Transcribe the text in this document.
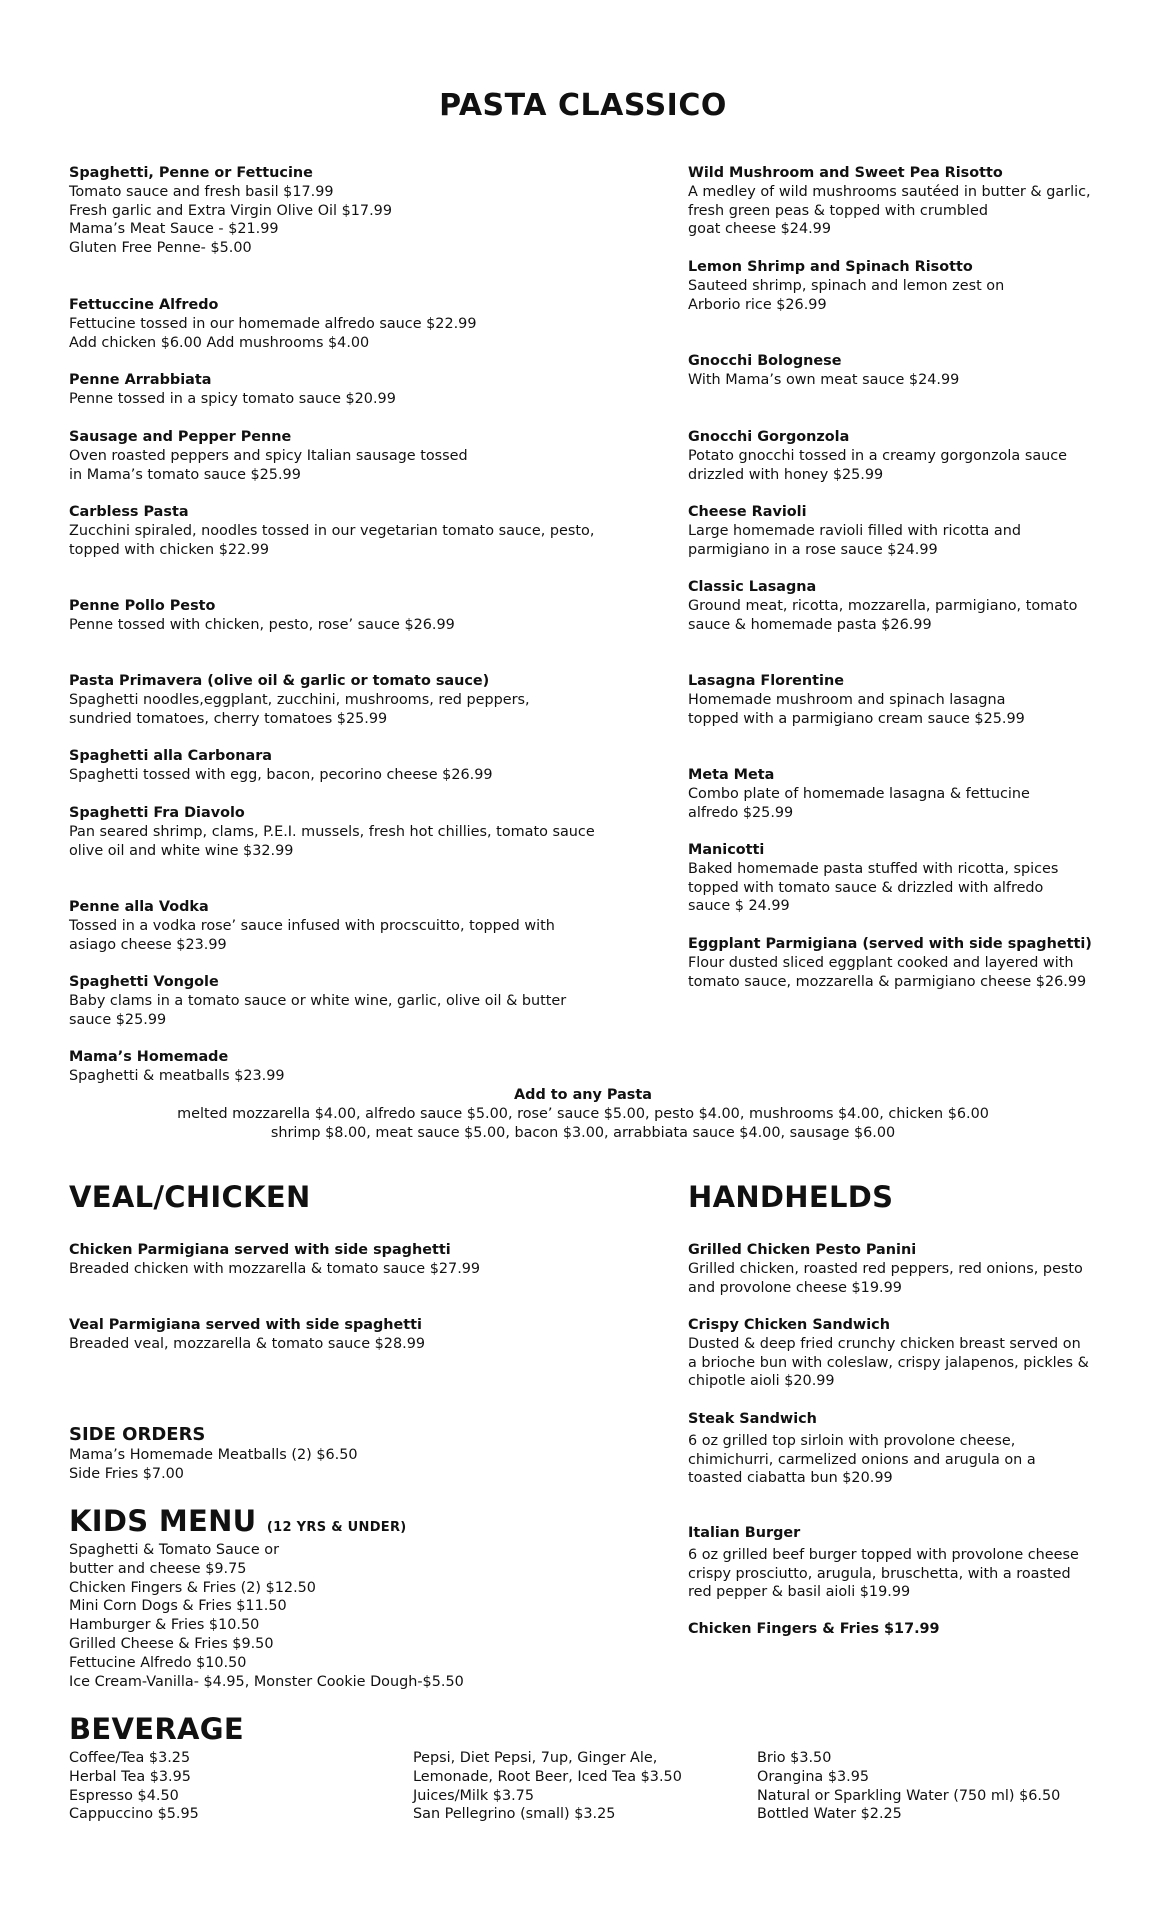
PASTA CLASSICO
Spaghetti, Penne or Fettucine
Tomato sauce and fresh basil $17.99
Fresh garlic and Extra Virgin Olive Oil $17.99
Mama’s Meat Sauce - $21.99
Gluten Free Penne- $5.00
Fettuccine Alfredo
Fettucine tossed in our homemade alfredo sauce $22.99
Add chicken $6.00 Add mushrooms $4.00
Penne Arrabbiata
Penne tossed in a spicy tomato sauce $20.99
Sausage and Pepper Penne
Oven roasted peppers and spicy Italian sausage tossed
in Mama’s tomato sauce $25.99
Carbless Pasta
Zucchini spiraled, noodles tossed in our vegetarian tomato sauce, pesto,
topped with chicken $22.99
Penne Pollo Pesto
Penne tossed with chicken, pesto, rose’ sauce $26.99
Pasta Primavera (olive oil & garlic or tomato sauce)
Spaghetti noodles,eggplant, zucchini, mushrooms, red peppers,
sundried tomatoes, cherry tomatoes $25.99
Spaghetti alla Carbonara
Spaghetti tossed with egg, bacon, pecorino cheese $26.99
Spaghetti Fra Diavolo
Pan seared shrimp, clams, P.E.I. mussels, fresh hot chillies, tomato sauce
olive oil and white wine $32.99
Penne alla Vodka
Tossed in a vodka rose’ sauce infused with procscuitto, topped with
asiago cheese $23.99
Spaghetti Vongole
Baby clams in a tomato sauce or white wine, garlic, olive oil & butter
sauce $25.99
Mama’s Homemade
Spaghetti & meatballs $23.99
Wild Mushroom and Sweet Pea Risotto
A medley of wild mushrooms sautéed in butter & garlic,
fresh green peas & topped with crumbled
goat cheese $24.99
Lemon Shrimp and Spinach Risotto
Sauteed shrimp, spinach and lemon zest on
Arborio rice $26.99
Gnocchi Bolognese
With Mama’s own meat sauce $24.99
Gnocchi Gorgonzola
Potato gnocchi tossed in a creamy gorgonzola sauce
drizzled with honey $25.99
Cheese Ravioli
Large homemade ravioli filled with ricotta and
parmigiano in a rose sauce $24.99
Classic Lasagna
Ground meat, ricotta, mozzarella, parmigiano, tomato
sauce & homemade pasta $26.99
Lasagna Florentine
Homemade mushroom and spinach lasagna
topped with a parmigiano cream sauce $25.99
Meta Meta
Combo plate of homemade lasagna & fettucine
alfredo $25.99
Manicotti
Baked homemade pasta stuffed with ricotta, spices
topped with tomato sauce & drizzled with alfredo
sauce $ 24.99
Eggplant Parmigiana (served with side spaghetti)
Flour dusted sliced eggplant cooked and layered with
tomato sauce, mozzarella & parmigiano cheese $26.99
Add to any Pasta
melted mozzarella $4.00, alfredo sauce $5.00, rose’ sauce $5.00, pesto $4.00, mushrooms $4.00, chicken $6.00
shrimp $8.00, meat sauce $5.00, bacon $3.00, arrabbiata sauce $4.00, sausage $6.00
VEAL/CHICKEN
Chicken Parmigiana served with side spaghetti
Breaded chicken with mozzarella & tomato sauce $27.99
Veal Parmigiana served with side spaghetti
Breaded veal, mozzarella & tomato sauce $28.99
HANDHELDS
Grilled Chicken Pesto Panini
Grilled chicken, roasted red peppers, red onions, pesto
and provolone cheese $19.99
Crispy Chicken Sandwich
Dusted & deep fried crunchy chicken breast served on
a brioche bun with coleslaw, crispy jalapenos, pickles &
chipotle aioli $20.99
Steak Sandwich
6 oz grilled top sirloin with provolone cheese,
chimichurri, carmelized onions and arugula on a
toasted ciabatta bun $20.99
Italian Burger
6 oz grilled beef burger topped with provolone cheese
crispy prosciutto, arugula, bruschetta, with a roasted
red pepper & basil aioli $19.99
Chicken Fingers & Fries $17.99
SIDE ORDERS
Mama’s Homemade Meatballs (2) $6.50
Side Fries $7.00
KIDS MENU (12 YRS & UNDER)
Spaghetti & Tomato Sauce or
butter and cheese $9.75
Chicken Fingers & Fries (2) $12.50
Mini Corn Dogs & Fries $11.50
Hamburger & Fries $10.50
Grilled Cheese & Fries $9.50
Fettucine Alfredo $10.50
Ice Cream-Vanilla- $4.95, Monster Cookie Dough-$5.50
BEVERAGE
Coffee/Tea $3.25
Herbal Tea $3.95
Espresso $4.50
Cappuccino $5.95
Pepsi, Diet Pepsi, 7up, Ginger Ale,
Lemonade, Root Beer, Iced Tea $3.50
Juices/Milk $3.75
San Pellegrino (small) $3.25
Brio $3.50
Orangina $3.95
Natural or Sparkling Water (750 ml) $6.50
Bottled Water $2.25
